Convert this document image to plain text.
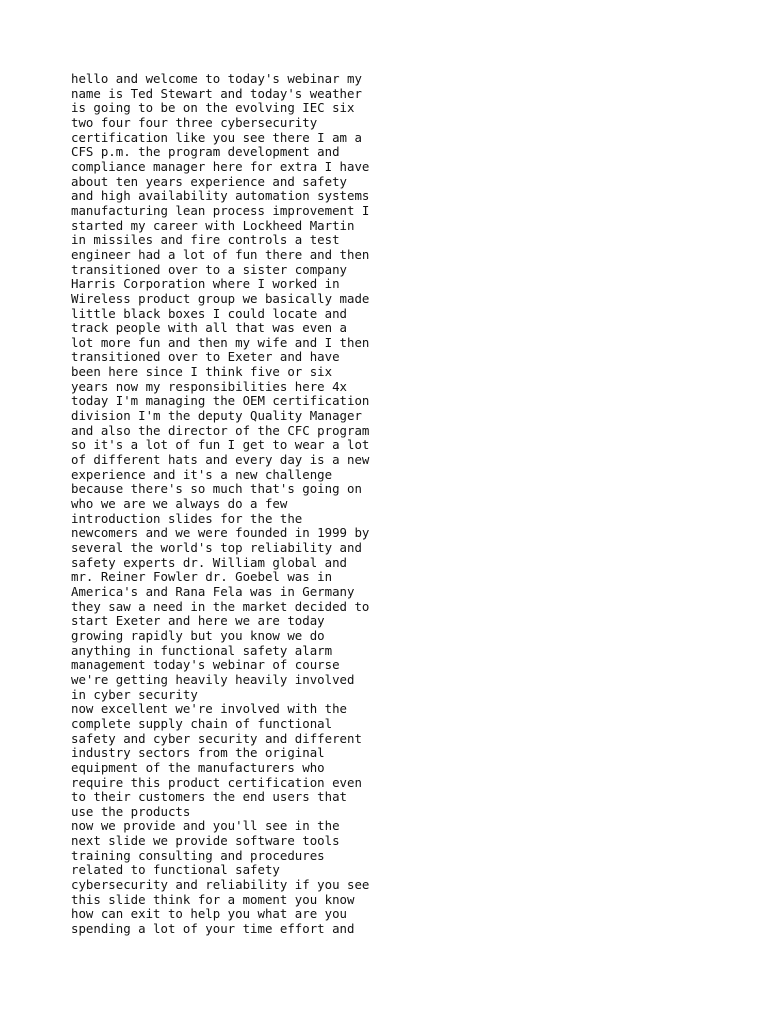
hello and welcome to today's webinar my
name is Ted Stewart and today's weather
is going to be on the evolving IEC six
two four four three cybersecurity
certification like you see there I am a
CFS p.m. the program development and
compliance manager here for extra I have
about ten years experience and safety
and high availability automation systems
manufacturing lean process improvement I
started my career with Lockheed Martin
in missiles and fire controls a test
engineer had a lot of fun there and then
transitioned over to a sister company
Harris Corporation where I worked in
Wireless product group we basically made
little black boxes I could locate and
track people with all that was even a
lot more fun and then my wife and I then
transitioned over to Exeter and have
been here since I think five or six
years now my responsibilities here 4x
today I'm managing the OEM certification
division I'm the deputy Quality Manager
and also the director of the CFC program
so it's a lot of fun I get to wear a lot
of different hats and every day is a new
experience and it's a new challenge
because there's so much that's going on
who we are we always do a few
introduction slides for the the
newcomers and we were founded in 1999 by
several the world's top reliability and
safety experts dr. William global and
mr. Reiner Fowler dr. Goebel was in
America's and Rana Fela was in Germany
they saw a need in the market decided to
start Exeter and here we are today
growing rapidly but you know we do
anything in functional safety alarm
management today's webinar of course
we're getting heavily heavily involved
in cyber security
now excellent we're involved with the
complete supply chain of functional
safety and cyber security and different
industry sectors from the original
equipment of the manufacturers who
require this product certification even
to their customers the end users that
use the products
now we provide and you'll see in the
next slide we provide software tools
training consulting and procedures
related to functional safety
cybersecurity and reliability if you see
this slide think for a moment you know
how can exit to help you what are you
spending a lot of your time effort and
